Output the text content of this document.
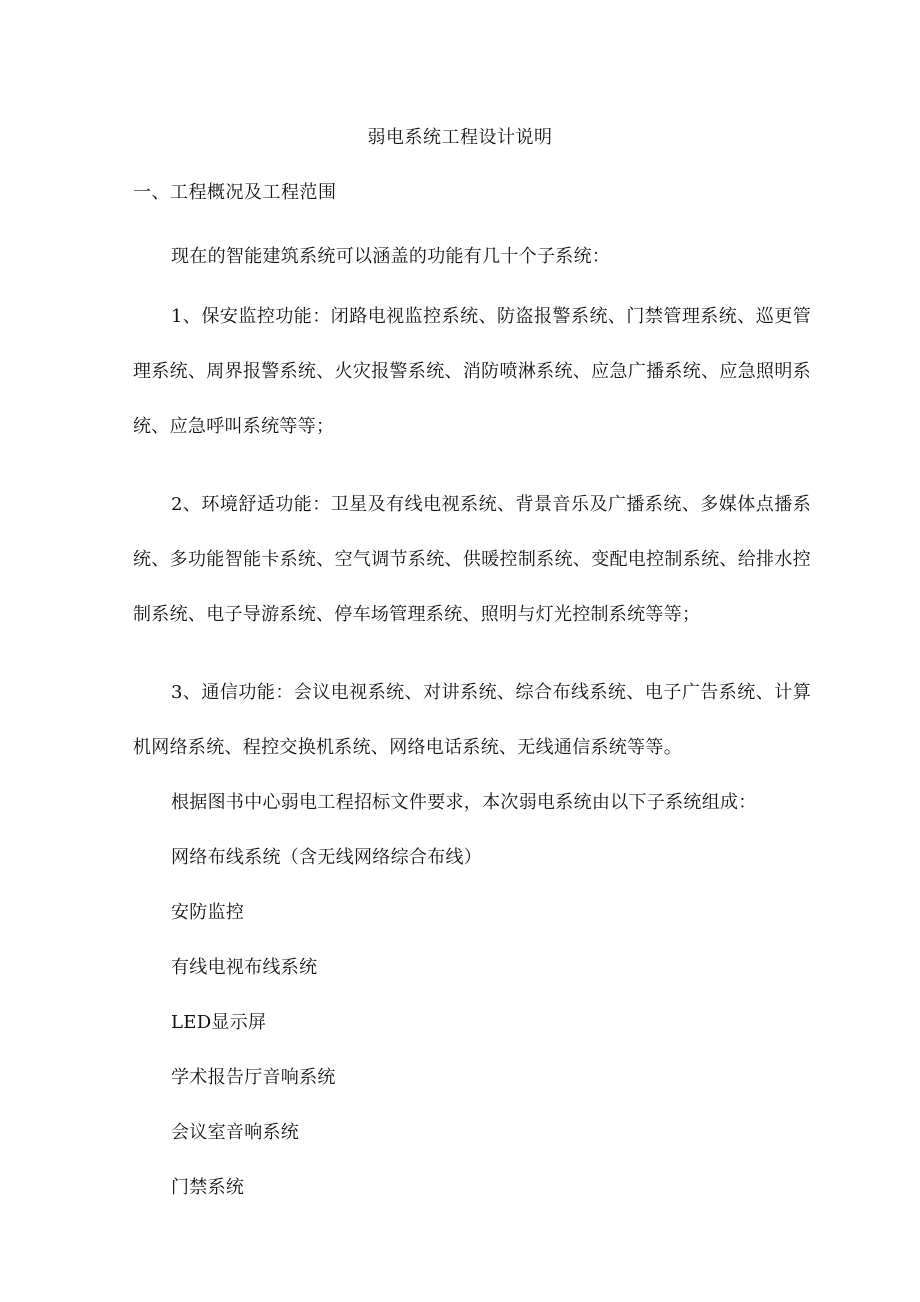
弱电系统工程设计说明
一、工程概况及工程范围

现在的智能建筑系统可以涵盖的功能有几十个子系统：

1、保安监控功能：闭路电视监控系统、防盗报警系统、门禁管理系统、巡更管理系统、周界报警系统、火灾报警系统、消防喷淋系统、应急广播系统、应急照明系统、应急呼叫系统等等；

2、环境舒适功能：卫星及有线电视系统、背景音乐及广播系统、多媒体点播系统、多功能智能卡系统、空气调节系统、供暖控制系统、变配电控制系统、给排水控制系统、电子导游系统、停车场管理系统、照明与灯光控制系统等等；

3、通信功能：会议电视系统、对讲系统、综合布线系统、电子广告系统、计算机网络系统、程控交换机系统、网络电话系统、无线通信系统等等。

根据图书中心弱电工程招标文件要求，本次弱电系统由以下子系统组成：

网络布线系统（含无线网络综合布线）
安防监控
有线电视布线系统
LED显示屏
学术报告厅音响系统
会议室音响系统
门禁系统
